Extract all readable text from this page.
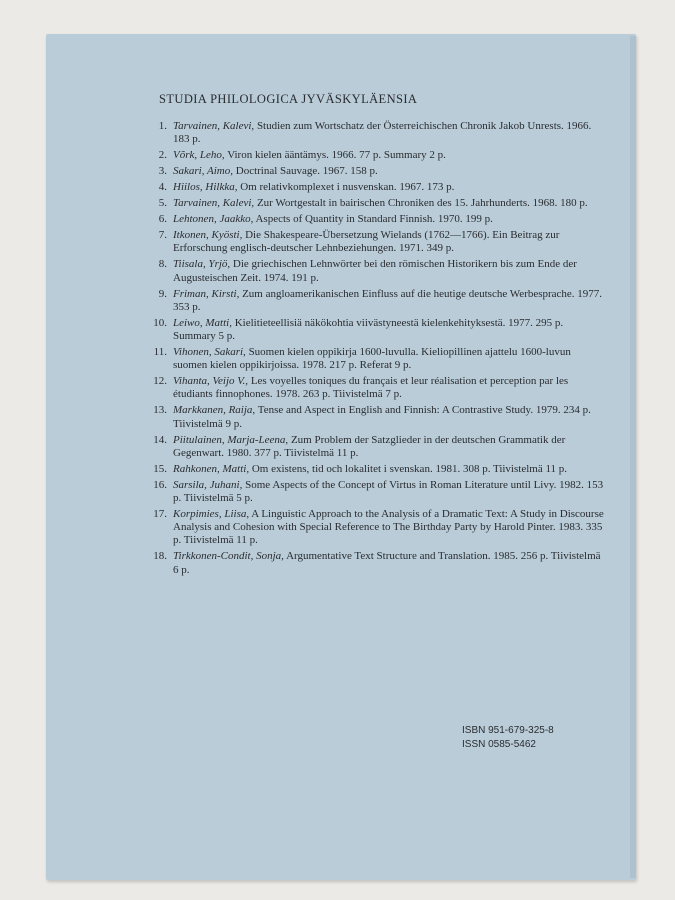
STUDIA PHILOLOGICA JYVÄSKYLÄENSIA
1. Tarvainen, Kalevi, Studien zum Wortschatz der Österreichischen Chronik Jakob Unrests. 1966. 183 p.
2. Võrk, Leho, Viron kielen ääntämys. 1966. 77 p. Summary 2 p.
3. Sakari, Aimo, Doctrinal Sauvage. 1967. 158 p.
4. Hiilos, Hilkka, Om relativkomplexet i nusvenskan. 1967. 173 p.
5. Tarvainen, Kalevi, Zur Wortgestalt in bairischen Chroniken des 15. Jahrhunderts. 1968. 180 p.
6. Lehtonen, Jaakko, Aspects of Quantity in Standard Finnish. 1970. 199 p.
7. Itkonen, Kyösti, Die Shakespeare-Übersetzung Wielands (1762—1766). Ein Beitrag zur Erforschung englisch-deutscher Lehnbeziehungen. 1971. 349 p.
8. Tiisala, Yrjö, Die griechischen Lehnwörter bei den römischen Historikern bis zum Ende der Augusteischen Zeit. 1974. 191 p.
9. Friman, Kirsti, Zum angloamerikanischen Einfluss auf die heutige deutsche Werbesprache. 1977. 353 p.
10. Leiwo, Matti, Kielitieteellisiä näkökohtia viivästyneestä kielenkehityksestä. 1977. 295 p. Summary 5 p.
11. Vihonen, Sakari, Suomen kielen oppikirja 1600-luvulla. Kieliopillinen ajattelu 1600-luvun suomen kielen oppikirjoissa. 1978. 217 p. Referat 9 p.
12. Vihanta, Veijo V., Les voyelles toniques du français et leur réalisation et perception par les étudiants finnophones. 1978. 263 p. Tiivistelmä 7 p.
13. Markkanen, Raija, Tense and Aspect in English and Finnish: A Contrastive Study. 1979. 234 p. Tiivistelmä 9 p.
14. Piitulainen, Marja-Leena, Zum Problem der Satzglieder in der deutschen Grammatik der Gegenwart. 1980. 377 p. Tiivistelmä 11 p.
15. Rahkonen, Matti, Om existens, tid och lokalitet i svenskan. 1981. 308 p. Tiivistelmä 11 p.
16. Sarsila, Juhani, Some Aspects of the Concept of Virtus in Roman Literature until Livy. 1982. 153 p. Tiivistelmä 5 p.
17. Korpimies, Liisa, A Linguistic Approach to the Analysis of a Dramatic Text: A Study in Discourse Analysis and Cohesion with Special Reference to The Birthday Party by Harold Pinter. 1983. 335 p. Tiivistelmä 11 p.
18. Tirkkonen-Condit, Sonja, Argumentative Text Structure and Translation. 1985. 256 p. Tiivistelmä 6 p.
ISBN 951-679-325-8
ISSN 0585-5462
